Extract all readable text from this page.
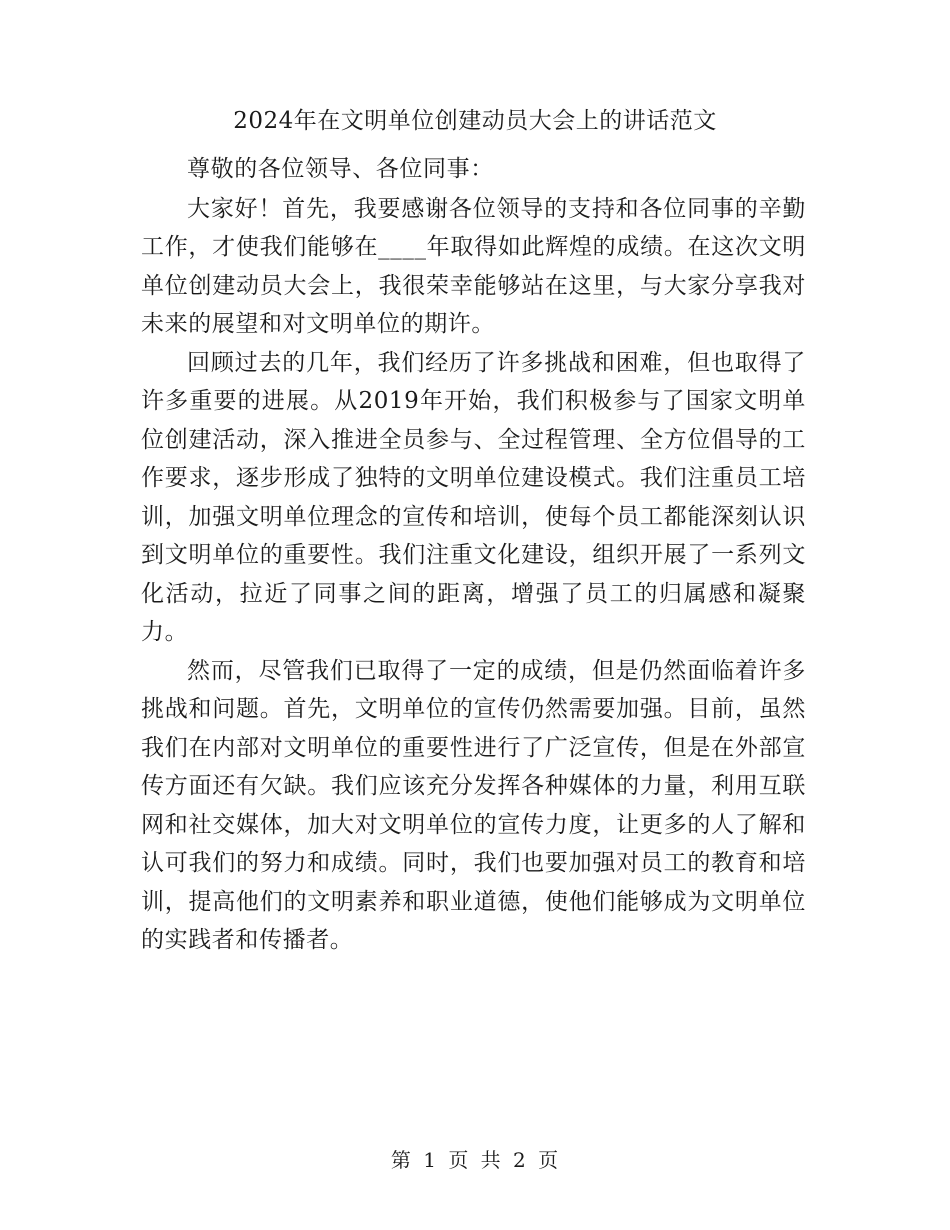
2024年在文明单位创建动员大会上的讲话范文

尊敬的各位领导、各位同事：

大家好！首先，我要感谢各位领导的支持和各位同事的辛勤工作，才使我们能够在____年取得如此辉煌的成绩。在这次文明单位创建动员大会上，我很荣幸能够站在这里，与大家分享我对未来的展望和对文明单位的期许。

回顾过去的几年，我们经历了许多挑战和困难，但也取得了许多重要的进展。从2019年开始，我们积极参与了国家文明单位创建活动，深入推进全员参与、全过程管理、全方位倡导的工作要求，逐步形成了独特的文明单位建设模式。我们注重员工培训，加强文明单位理念的宣传和培训，使每个员工都能深刻认识到文明单位的重要性。我们注重文化建设，组织开展了一系列文化活动，拉近了同事之间的距离，增强了员工的归属感和凝聚力。

然而，尽管我们已取得了一定的成绩，但是仍然面临着许多挑战和问题。首先，文明单位的宣传仍然需要加强。目前，虽然我们在内部对文明单位的重要性进行了广泛宣传，但是在外部宣传方面还有欠缺。我们应该充分发挥各种媒体的力量，利用互联网和社交媒体，加大对文明单位的宣传力度，让更多的人了解和认可我们的努力和成绩。同时，我们也要加强对员工的教育和培训，提高他们的文明素养和职业道德，使他们能够成为文明单位的实践者和传播者。

第 1 页 共 2 页
